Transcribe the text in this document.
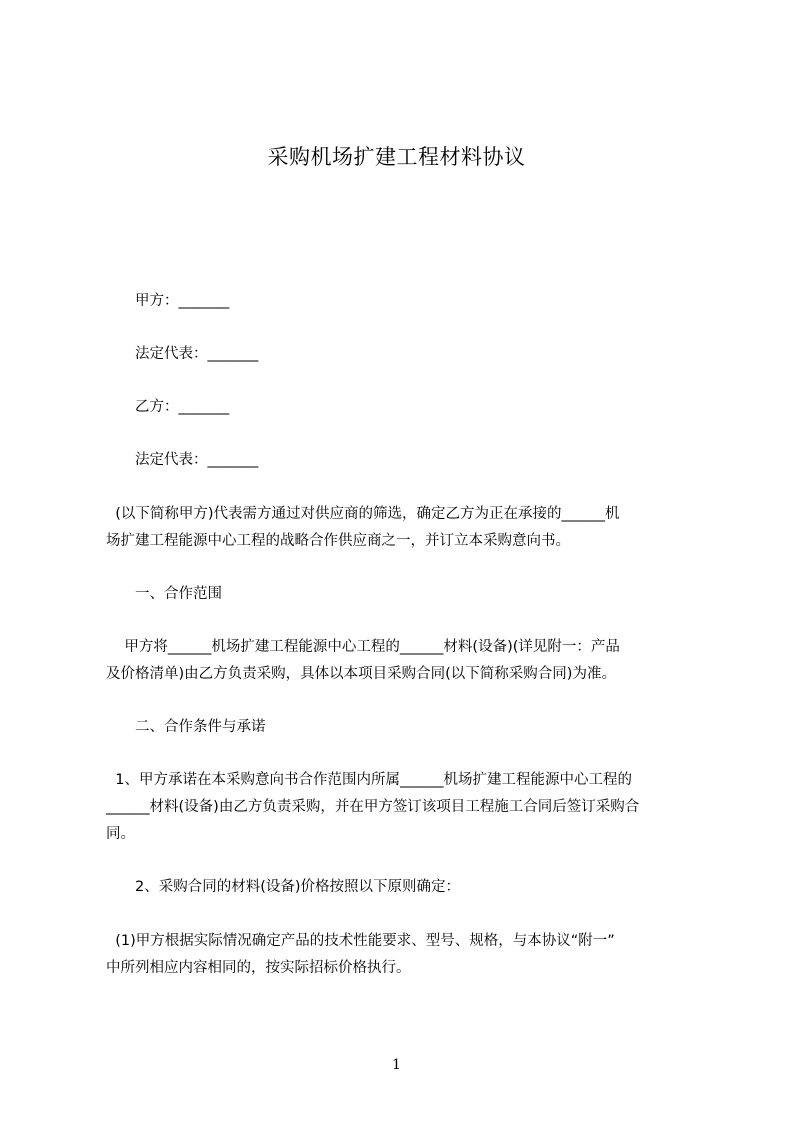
采购机场扩建工程材料协议

甲方：_______

法定代表：_______

乙方：_______

法定代表：_______

(以下简称甲方)代表需方通过对供应商的筛选，确定乙方为正在承接的______机
场扩建工程能源中心工程的战略合作供应商之一，并订立本采购意向书。

一、合作范围

甲方将______机场扩建工程能源中心工程的______材料(设备)(详见附一：产品
及价格清单)由乙方负责采购，具体以本项目采购合同(以下简称采购合同)为准。

二、合作条件与承诺

1、甲方承诺在本采购意向书合作范围内所属______机场扩建工程能源中心工程的
______材料(设备)由乙方负责采购，并在甲方签订该项目工程施工合同后签订采购合
同。

2、采购合同的材料(设备)价格按照以下原则确定：

(1)甲方根据实际情况确定产品的技术性能要求、型号、规格，与本协议“附一”
中所列相应内容相同的，按实际招标价格执行。

1
